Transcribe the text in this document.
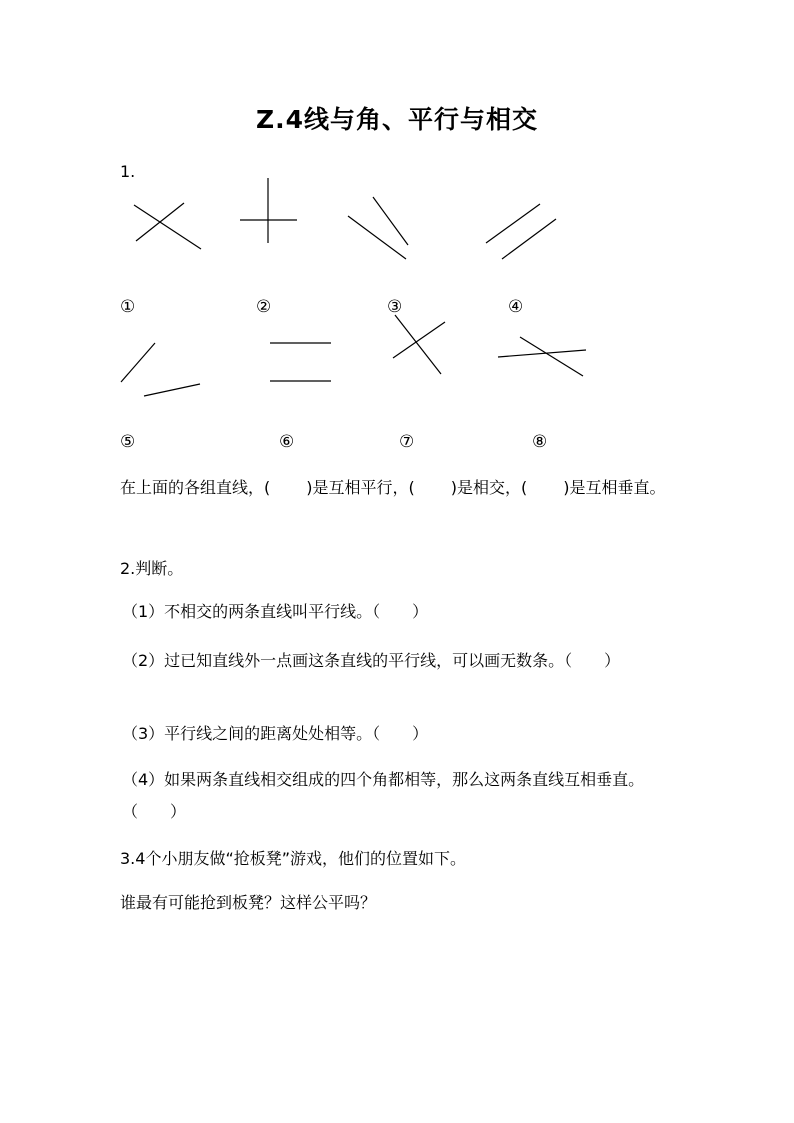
Z.4线与角、平行与相交
1.
①	②	③	④
⑤	⑥	⑦	⑧
在上面的各组直线，( )是互相平行，( )是相交，( )是互相垂直。
2.判断。
（1）不相交的两条直线叫平行线。（　　）
（2）过已知直线外一点画这条直线的平行线，可以画无数条。（　　）
（3）平行线之间的距离处处相等。（　　）
（4）如果两条直线相交组成的四个角都相等，那么这两条直线互相垂直。（　　）
3.4个小朋友做“抢板凳”游戏，他们的位置如下。
谁最有可能抢到板凳？这样公平吗？
